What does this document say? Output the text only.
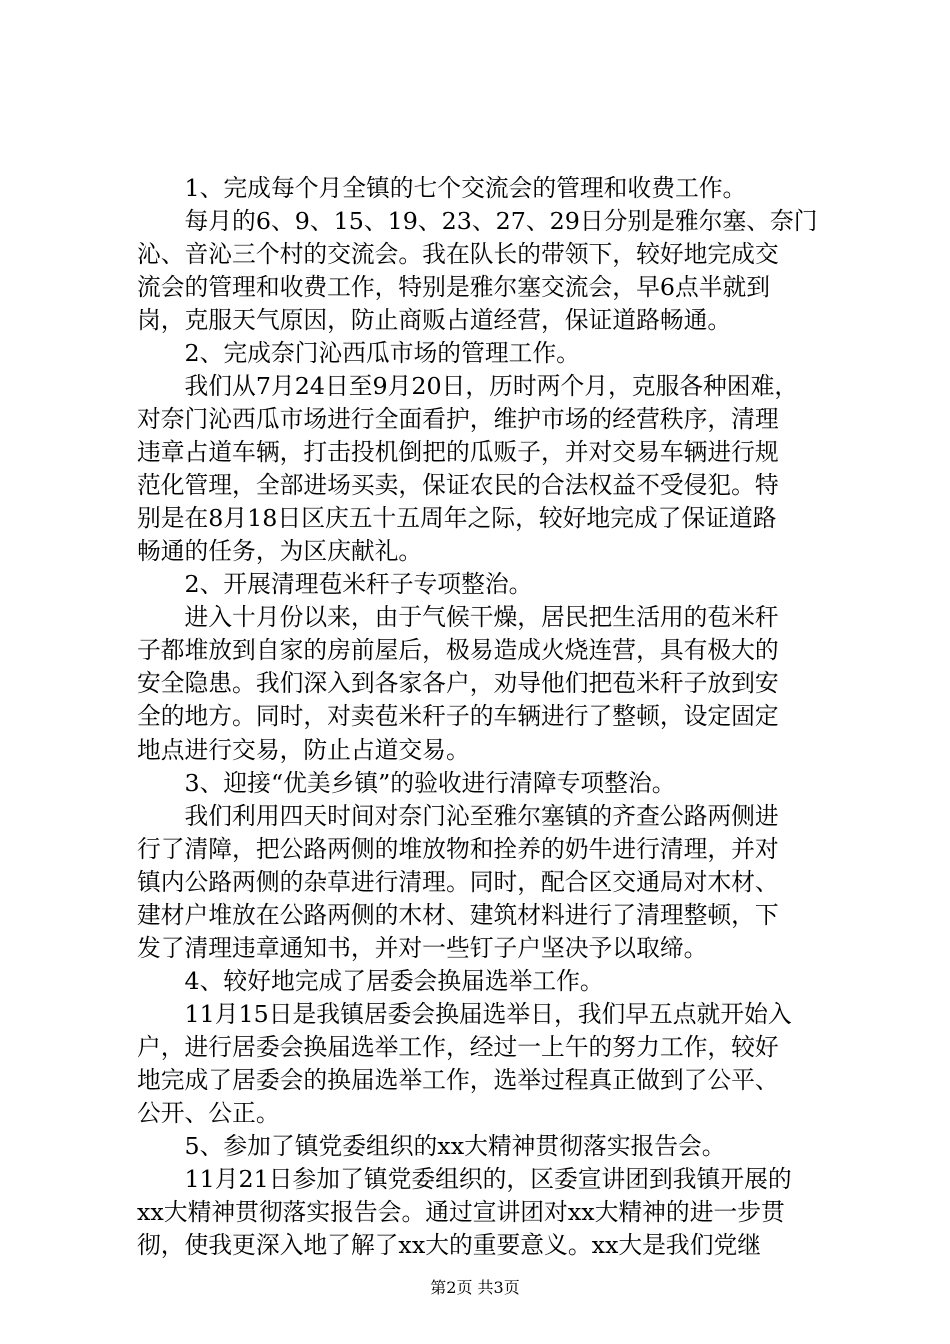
　　1、完成每个月全镇的七个交流会的管理和收费工作。
　　每月的6、9、15、19、23、27、29日分别是雅尔塞、奈门
沁、音沁三个村的交流会。我在队长的带领下，较好地完成交
流会的管理和收费工作，特别是雅尔塞交流会，早6点半就到
岗，克服天气原因，防止商贩占道经营，保证道路畅通。
　　2、完成奈门沁西瓜市场的管理工作。
　　我们从7月24日至9月20日，历时两个月，克服各种困难，
对奈门沁西瓜市场进行全面看护，维护市场的经营秩序，清理
违章占道车辆，打击投机倒把的瓜贩子，并对交易车辆进行规
范化管理，全部进场买卖，保证农民的合法权益不受侵犯。特
别是在8月18日区庆五十五周年之际，较好地完成了保证道路
畅通的任务，为区庆献礼。
　　2、开展清理苞米秆子专项整治。
　　进入十月份以来，由于气候干燥，居民把生活用的苞米秆
子都堆放到自家的房前屋后，极易造成火烧连营，具有极大的
安全隐患。我们深入到各家各户，劝导他们把苞米秆子放到安
全的地方。同时，对卖苞米秆子的车辆进行了整顿，设定固定
地点进行交易，防止占道交易。
　　3、迎接“优美乡镇”的验收进行清障专项整治。
　　我们利用四天时间对奈门沁至雅尔塞镇的齐查公路两侧进
行了清障，把公路两侧的堆放物和拴养的奶牛进行清理，并对
镇内公路两侧的杂草进行清理。同时，配合区交通局对木材、
建材户堆放在公路两侧的木材、建筑材料进行了清理整顿，下
发了清理违章通知书，并对一些钉子户坚决予以取缔。
　　4、较好地完成了居委会换届选举工作。
　　11月15日是我镇居委会换届选举日，我们早五点就开始入
户，进行居委会换届选举工作，经过一上午的努力工作，较好
地完成了居委会的换届选举工作，选举过程真正做到了公平、
公开、公正。
　　5、参加了镇党委组织的xx大精神贯彻落实报告会。
　　11月21日参加了镇党委组织的，区委宣讲团到我镇开展的
xx大精神贯彻落实报告会。通过宣讲团对xx大精神的进一步贯
彻，使我更深入地了解了xx大的重要意义。xx大是我们党继
第2页 共3页
